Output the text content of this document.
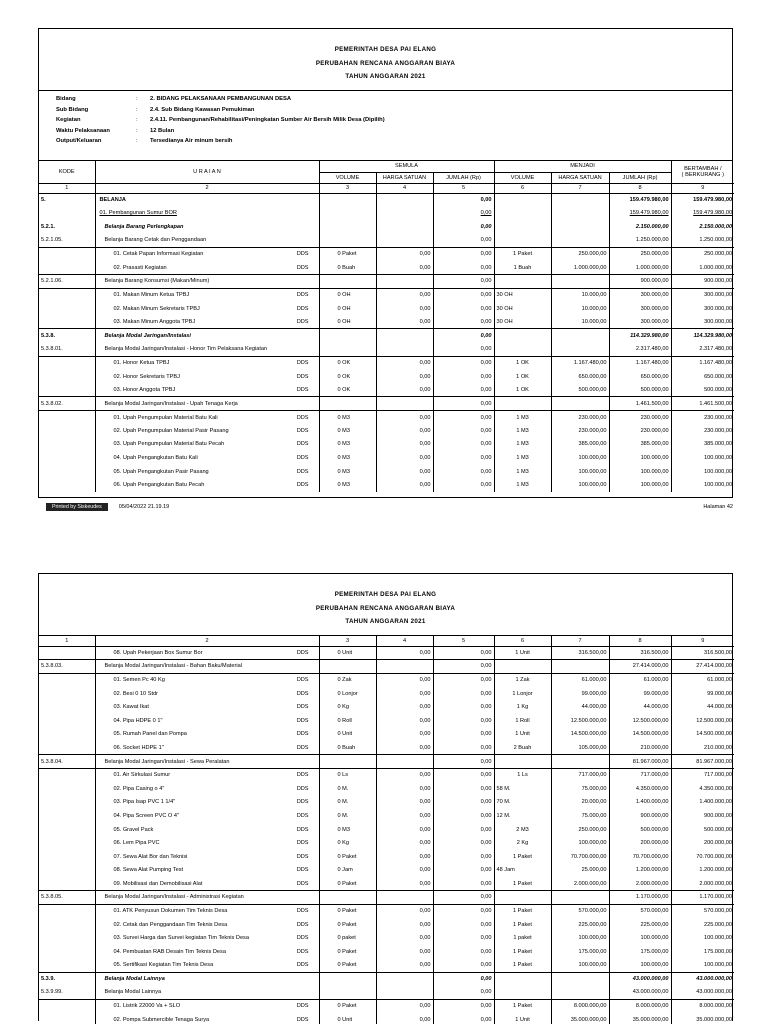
PEMERINTAH DESA PAI ELANG
PERUBAHAN RENCANA ANGGARAN BIAYA
TAHUN ANGGARAN 2021
Bidang	:	2. BIDANG PELAKSANAAN PEMBANGUNAN DESA
Sub Bidang	:	2.4. Sub Bidang Kawasan Pemukiman
Kegiatan	:	2.4.11. Pembangunan/Rehabilitasi/Peningkatan Sumber Air Bersih Milik Desa (Dipilih)
Waktu Pelaksanaan	:	12 Bulan
Output/Keluaran	:	Tersedianya Air minum bersih
KODE	U R A I A N	SEMULA			MENJADI			BERTAMBAH /
( BERKURANG )
		VOLUME	HARGA SATUAN	JUMLAH (Rp)	VOLUME	HARGA SATUAN	JUMLAH (Rp)	
1	2	3	4	5	6	7	8	9
5.	BELANJA			0,00			159.479.980,00	159.479.980,00
	01. Pembangunan Sumur BOR			0,00			159.479.980,00	159.479.980,00
5.2.1.	Belanja Barang Perlengkapan			0,00			2.150.000,00	2.150.000,00
5.2.1.05.	Belanja Barang Cetak dan Penggandaan			0,00			1.250.000,00	1.250.000,00
	01. Cetak Papan Informasi Kegiatan DDS	0 Paket	0,00	0,00	1 Paket	250.000,00	250.000,00	250.000,00
	02. Prasasti Kegiatan DDS	0 Buah	0,00	0,00	1 Buah	1.000.000,00	1.000.000,00	1.000.000,00
5.2.1.06.	Belanja Barang Konsumsi (Makan/Minum)			0,00			900.000,00	900.000,00
	01. Makan Minum Ketua TPBJ DDS	0 OH	0,00	0,00	30 OH	10.000,00	300.000,00	300.000,00
	02. Makan Minum Sekretaris TPBJ DDS	0 OH	0,00	0,00	30 OH	10.000,00	300.000,00	300.000,00
	03. Makan Minum Anggota TPBJ DDS	0 OH	0,00	0,00	30 OH	10.000,00	300.000,00	300.000,00
5.3.8.	Belanja Modal Jaringan/Instalasi			0,00			114.329.980,00	114.329.980,00
5.3.8.01.	Belanja Modal Jaringan/Instalasi - Honor Tim Pelaksana Kegiatan			0,00			2.317.480,00	2.317.480,00
	01. Honor Ketua TPBJ DDS	0 OK	0,00	0,00	1 OK	1.167.480,00	1.167.480,00	1.167.480,00
	02. Honor Sekretaris TPBJ DDS	0 OK	0,00	0,00	1 OK	650.000,00	650.000,00	650.000,00
	03. Honor Anggota TPBJ DDS	0 OK	0,00	0,00	1 OK	500.000,00	500.000,00	500.000,00
5.3.8.02.	Belanja Modal Jaringan/Instalasi - Upah Tenaga Kerja			0,00			1.461.500,00	1.461.500,00
	01. Upah Pengumpulan Material Batu Kali DDS	0 M3	0,00	0,00	1 M3	230.000,00	230.000,00	230.000,00
	02. Upah Pengumpulan Material Pasir Pasang DDS	0 M3	0,00	0,00	1 M3	230.000,00	230.000,00	230.000,00
	03. Upah Pengumpulan Material Batu Pecah DDS	0 M3	0,00	0,00	1 M3	385.000,00	385.000,00	385.000,00
	04. Upah Pengangkutan Batu Kali DDS	0 M3	0,00	0,00	1 M3	100.000,00	100.000,00	100.000,00
	05. Upah Pengangkutan Pasir Pasang DDS	0 M3	0,00	0,00	1 M3	100.000,00	100.000,00	100.000,00
	06. Upah Pengangkutan Batu Pecah DDS	0 M3	0,00	0,00	1 M3	100.000,00	100.000,00	100.000,00
Printed by Siskeudes	05/04/2022 21.19.19	Halaman 42
PEMERINTAH DESA PAI ELANG
PERUBAHAN RENCANA ANGGARAN BIAYA
TAHUN ANGGARAN 2021
1	2	3	4	5	6	7	8	9
	08. Upah Pekerjaan Box Sumur Bor DDS	0 Unit	0,00	0,00	1 Unit	316.500,00	316.500,00	316.500,00
5.3.8.03.	Belanja Modal Jaringan/Instalasi - Bahan Baku/Material			0,00			27.414.000,00	27.414.000,00
	01. Semen Pc 40 Kg DDS	0 Zak	0,00	0,00	1 Zak	61.000,00	61.000,00	61.000,00
	02. Besi 0 10 Stdr DDS	0 Lonjor	0,00	0,00	1 Lonjor	99.000,00	99.000,00	99.000,00
	03. Kawat Ikat DDS	0 Kg	0,00	0,00	1 Kg	44.000,00	44.000,00	44.000,00
	04. Pipa HDPE 0 1" DDS	0 Roll	0,00	0,00	1 Roll	12.500.000,00	12.500.000,00	12.500.000,00
	05. Rumah Panel dan Pompa DDS	0 Unit	0,00	0,00	1 Unit	14.500.000,00	14.500.000,00	14.500.000,00
	06. Socket HDPE 1" DDS	0 Buah	0,00	0,00	2 Buah	105.000,00	210.000,00	210.000,00
5.3.8.04.	Belanja Modal Jaringan/Instalasi - Sewa Peralatan			0,00			81.967.000,00	81.967.000,00
	01. Air Sirkulasi Sumur DDS	0 Ls	0,00	0,00	1 Ls	717.000,00	717.000,00	717.000,00
	02. Pipa Casing o 4" DDS	0 M.	0,00	0,00	58 M.	75.000,00	4.350.000,00	4.350.000,00
	03. Pipa Isap PVC 1 1/4" DDS	0 M.	0,00	0,00	70 M.	20.000,00	1.400.000,00	1.400.000,00
	04. Pipa Screen PVC O 4" DDS	0 M.	0,00	0,00	12 M.	75.000,00	900.000,00	900.000,00
	05. Gravel Pack DDS	0 M3	0,00	0,00	2 M3	250.000,00	500.000,00	500.000,00
	06. Lem Pipa PVC DDS	0 Kg	0,00	0,00	2 Kg	100.000,00	200.000,00	200.000,00
	07. Sewa Alat Bor dan Teknisi DDS	0 Paket	0,00	0,00	1 Paket	70.700.000,00	70.700.000,00	70.700.000,00
	08. Sewa Alat Pumping Test DDS	0 Jam	0,00	0,00	48 Jam	25.000,00	1.200.000,00	1.200.000,00
	09. Mobilisasi dan Demobilisasi Alat DDS	0 Paket	0,00	0,00	1 Paket	2.000.000,00	2.000.000,00	2.000.000,00
5.3.8.05.	Belanja Modal Jaringan/Instalasi - Administrasi Kegiatan			0,00			1.170.000,00	1.170.000,00
	01. ATK Penyusun Dokumen Tim Teknis Desa DDS	0 Paket	0,00	0,00	1 Paket	570.000,00	570.000,00	570.000,00
	02. Cetak dan Penggandaan Tim Teknis Desa DDS	0 Paket	0,00	0,00	1 Paket	225.000,00	225.000,00	225.000,00
	03. Survei Harga dan Survei kegiatan Tim Teknis Desa DDS	0 paket	0,00	0,00	1 paket	100.000,00	100.000,00	100.000,00
	04. Pembuatan RAB Desain Tim Teknis Desa DDS	0 Paket	0,00	0,00	1 Paket	175.000,00	175.000,00	175.000,00
	05. Sertifikasi Kegiatan Tim Teknis Desa DDS	0 Paket	0,00	0,00	1 Paket	100.000,00	100.000,00	100.000,00
5.3.9.	Belanja Modal Lainnya			0,00			43.000.000,00	43.000.000,00
5.3.9.99.	Belanja Modal Lainnya			0,00			43.000.000,00	43.000.000,00
	01. Listrik 22000 Va + SLO DDS	0 Paket	0,00	0,00	1 Paket	8.000.000,00	8.000.000,00	8.000.000,00
	02. Pompa Submercible Tenaga Surya DDS	0 Unit	0,00	0,00	1 Unit	35.000.000,00	35.000.000,00	35.000.000,00
